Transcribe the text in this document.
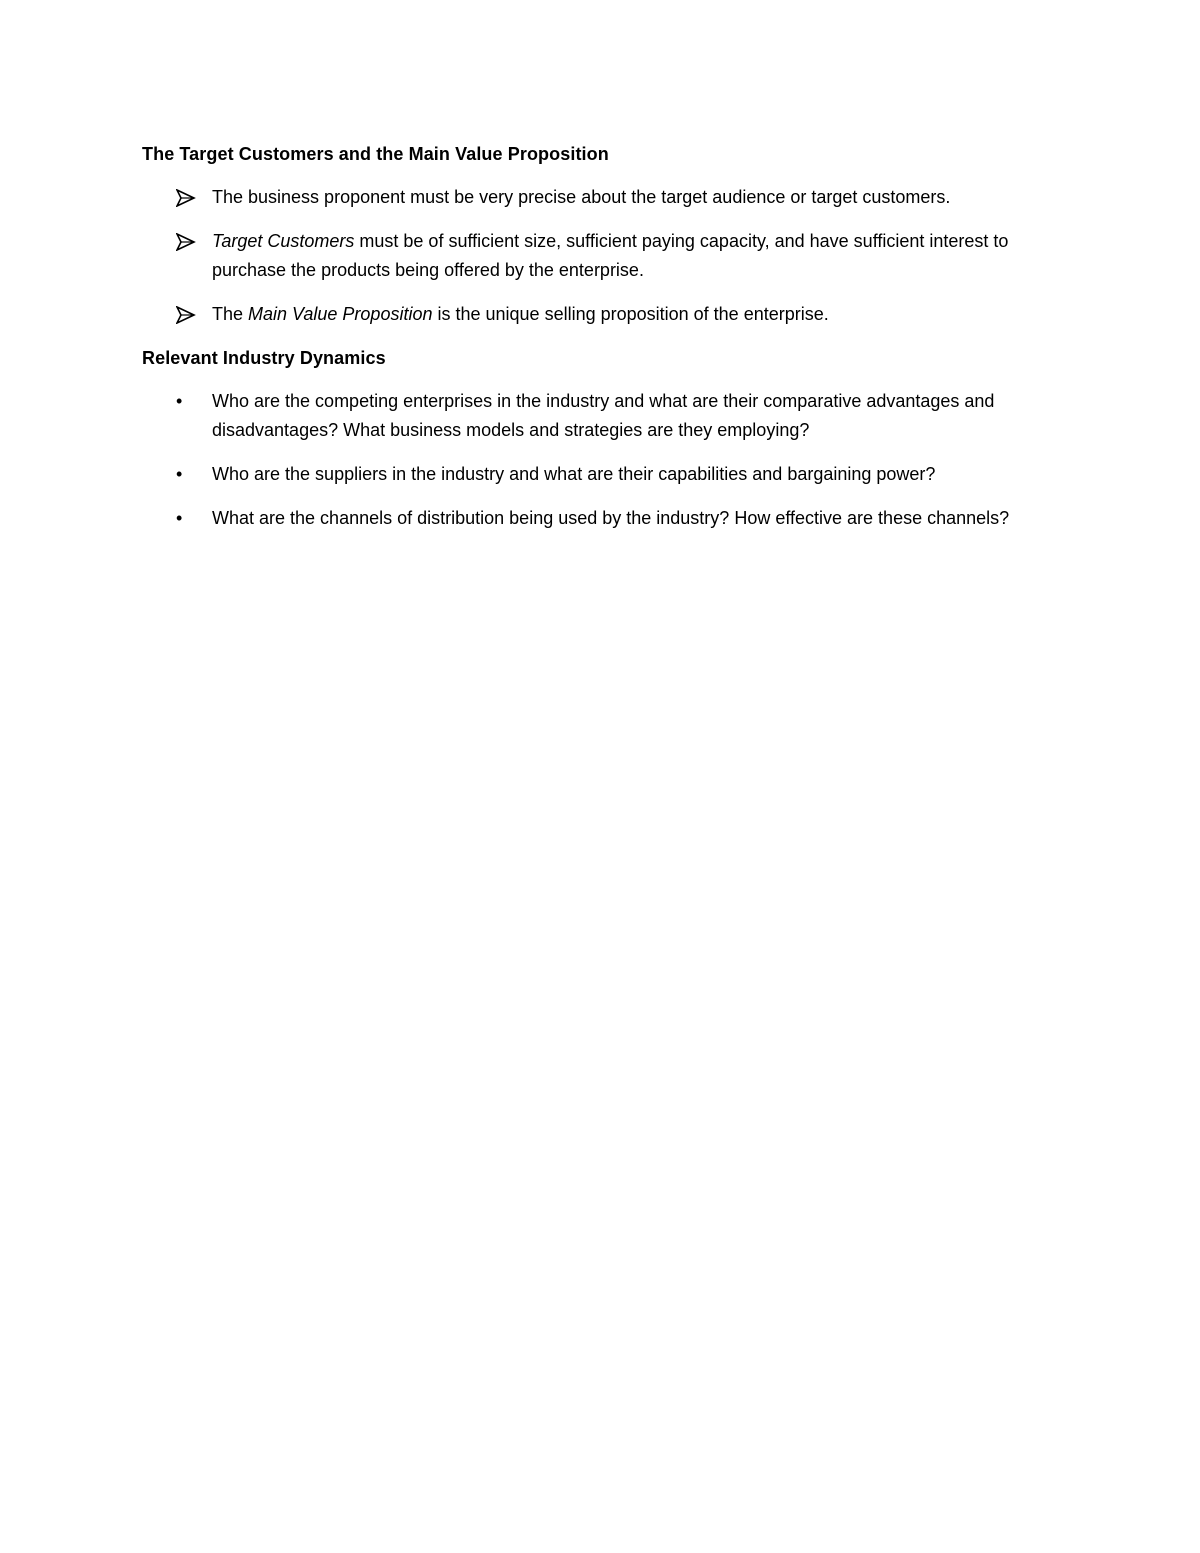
The Target Customers and the Main Value Proposition
The business proponent must be very precise about the target audience or target customers.
Target Customers must be of sufficient size, sufficient paying capacity, and have sufficient interest to purchase the products being offered by the enterprise.
The Main Value Proposition is the unique selling proposition of the enterprise.
Relevant Industry Dynamics
•	Who are the competing enterprises in the industry and what are their comparative advantages and disadvantages? What business models and strategies are they employing?
•	Who are the suppliers in the industry and what are their capabilities and bargaining power?
•	What are the channels of distribution being used by the industry? How effective are these channels?
